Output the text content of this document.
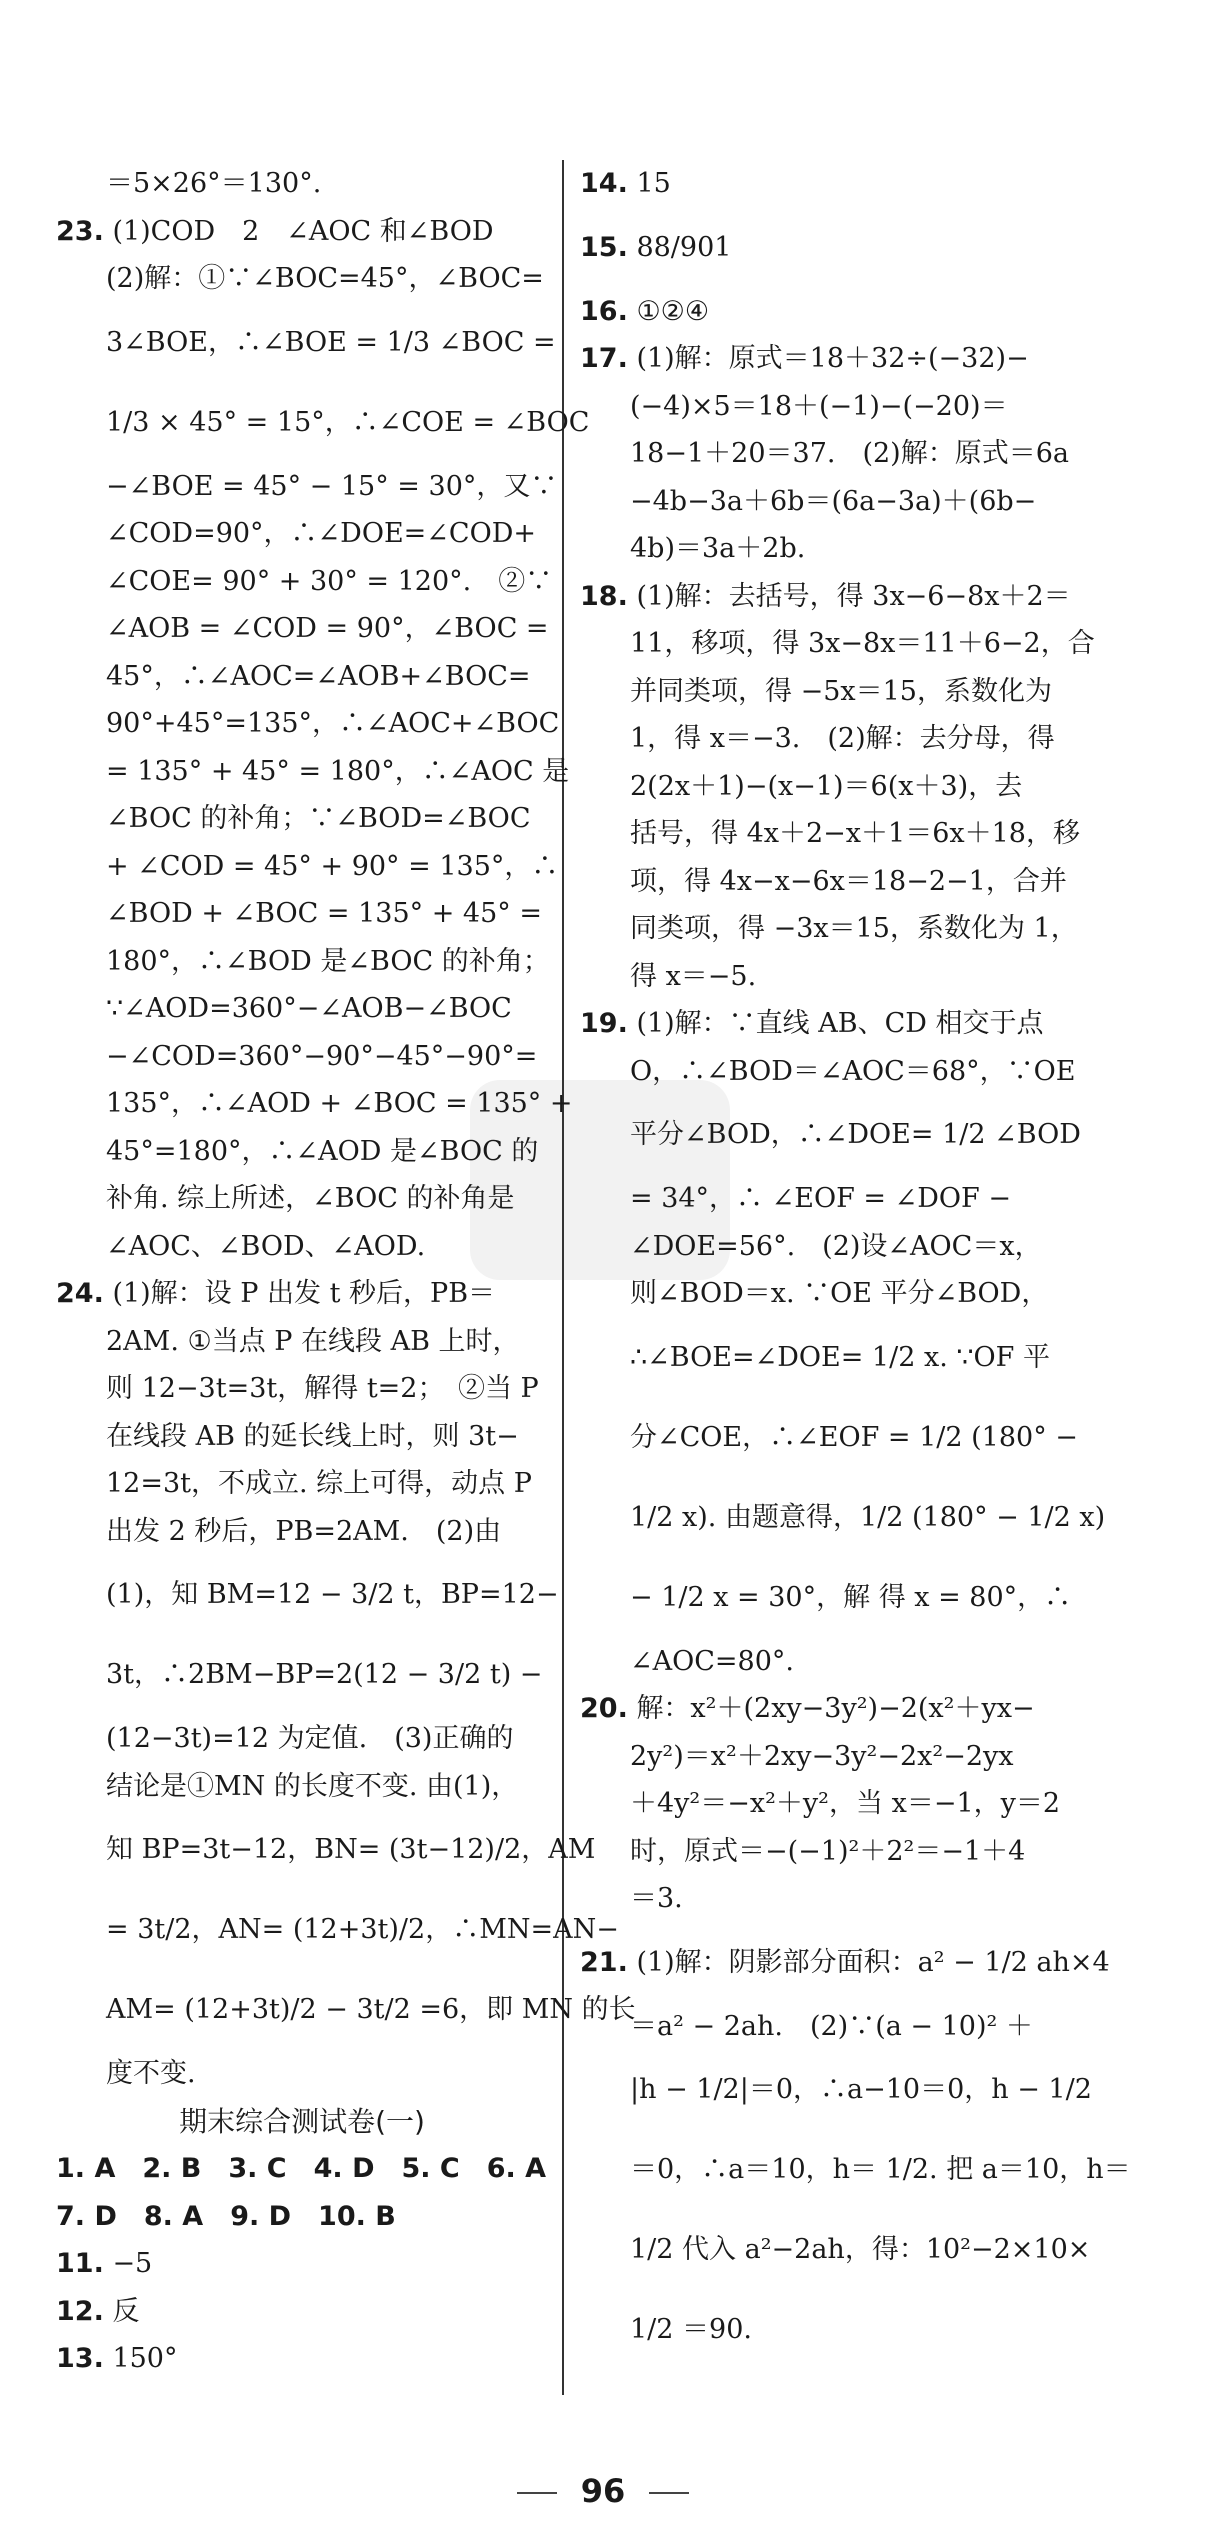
＝5×26°＝130°.
23. (1)COD　2　∠AOC 和∠BOD
(2)解：①∵∠BOC=45°，∠BOC=
3∠BOE，∴∠BOE = 1/3 ∠BOC =
1/3 × 45° = 15°，∴∠COE = ∠BOC
−∠BOE = 45° − 15° = 30°，又∵
∠COD=90°，∴∠DOE=∠COD+
∠COE= 90° + 30° = 120°.　②∵
∠AOB = ∠COD = 90°，∠BOC =
45°，∴∠AOC=∠AOB+∠BOC=
90°+45°=135°，∴∠AOC+∠BOC
= 135° + 45° = 180°，∴∠AOC 是
∠BOC 的补角；∵∠BOD=∠BOC
+ ∠COD = 45° + 90° = 135°，∴
∠BOD + ∠BOC = 135° + 45° =
180°，∴∠BOD 是∠BOC 的补角；
∵∠AOD=360°−∠AOB−∠BOC
−∠COD=360°−90°−45°−90°=
135°，∴∠AOD + ∠BOC = 135° +
45°=180°，∴∠AOD 是∠BOC 的
补角. 综上所述，∠BOC 的补角是
∠AOC、∠BOD、∠AOD.
24. (1)解：设 P 出发 t 秒后，PB＝
2AM. ①当点 P 在线段 AB 上时，
则 12−3t=3t，解得 t=2；　②当 P
在线段 AB 的延长线上时，则 3t−
12=3t，不成立. 综上可得，动点 P
出发 2 秒后，PB=2AM.　(2)由
(1)，知 BM=12 − 3/2 t，BP=12−
3t，∴2BM−BP=2(12 − 3/2 t) −
(12−3t)=12 为定值.　(3)正确的
结论是①MN 的长度不变. 由(1)，
知 BP=3t−12，BN= (3t−12)/2，AM
= 3t/2，AN= (12+3t)/2，∴MN=AN−
AM= (12+3t)/2 − 3t/2 =6，即 MN 的长
度不变.
期末综合测试卷(一)
1. A　2. B　3. C　4. D　5. C　6. A
7. D　8. A　9. D　10. B
11. −5
12. 反
13. 150°
14. 15
15. 88/901
16. ①②④
17. (1)解：原式＝18＋32÷(−32)−
(−4)×5＝18＋(−1)−(−20)＝
18−1＋20＝37.　(2)解：原式＝6a
−4b−3a＋6b＝(6a−3a)＋(6b−
4b)＝3a＋2b.
18. (1)解：去括号，得 3x−6−8x＋2＝
11，移项，得 3x−8x＝11＋6−2，合
并同类项，得 −5x＝15，系数化为
1，得 x＝−3.　(2)解：去分母，得
2(2x＋1)−(x−1)＝6(x＋3)，去
括号，得 4x＋2−x＋1＝6x＋18，移
项，得 4x−x−6x＝18−2−1，合并
同类项，得 −3x＝15，系数化为 1，
得 x＝−5.
19. (1)解：∵直线 AB、CD 相交于点
O，∴∠BOD＝∠AOC＝68°，∵OE
平分∠BOD，∴∠DOE= 1/2 ∠BOD
= 34°，∴ ∠EOF = ∠DOF −
∠DOE=56°.　(2)设∠AOC＝x，
则∠BOD＝x. ∵OE 平分∠BOD，
∴∠BOE=∠DOE= 1/2 x. ∵OF 平
分∠COE，∴∠EOF = 1/2 (180° −
1/2 x). 由题意得，1/2 (180° − 1/2 x)
− 1/2 x = 30°，解 得 x = 80°，∴
∠AOC=80°.
20. 解：x²＋(2xy−3y²)−2(x²＋yx−
2y²)＝x²＋2xy−3y²−2x²−2yx
＋4y²＝−x²＋y²，当 x＝−1，y＝2
时，原式＝−(−1)²＋2²＝−1＋4
＝3.
21. (1)解：阴影部分面积：a² − 1/2 ah×4
＝a² − 2ah.　(2)∵(a − 10)² ＋
|h − 1/2|＝0，∴a−10＝0，h − 1/2
＝0，∴a＝10，h＝ 1/2. 把 a＝10，h＝
1/2 代入 a²−2ah，得：10²−2×10×
1/2 ＝90.
96
